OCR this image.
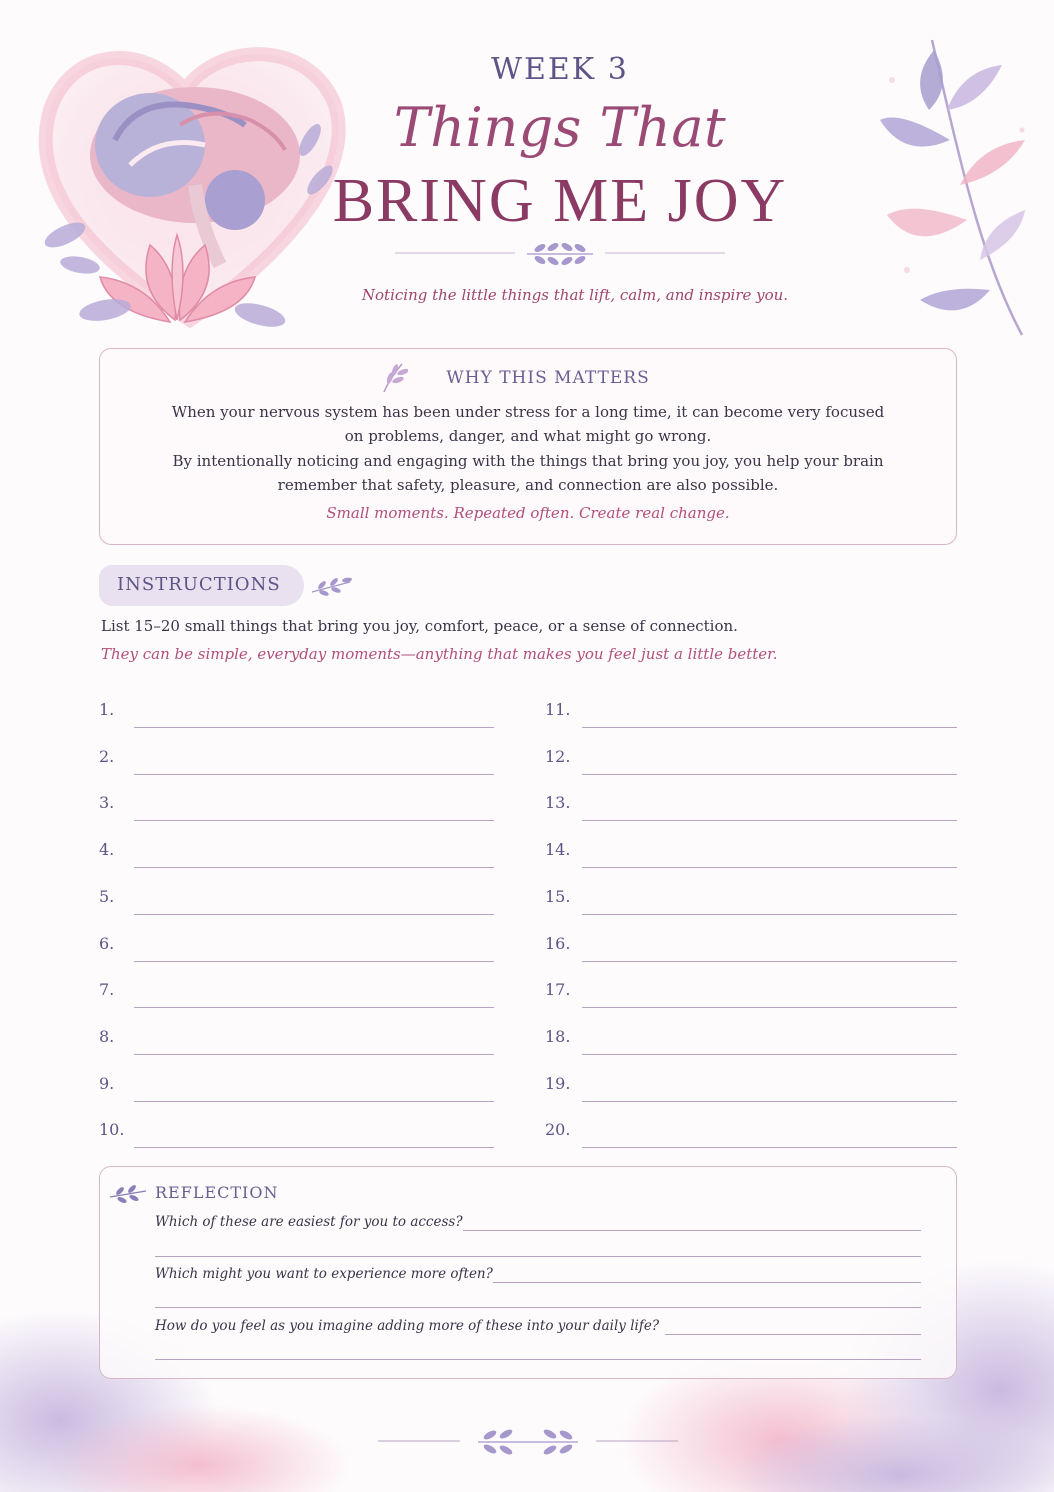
WEEK 3
Things That
BRING ME JOY
Noticing the little things that lift, calm, and inspire you.
WHY THIS MATTERS
When your nervous system has been under stress for a long time, it can become very focused
on problems, danger, and what might go wrong.
By intentionally noticing and engaging with the things that bring you joy, you help your brain
remember that safety, pleasure, and connection are also possible.
Small moments. Repeated often. Create real change.
INSTRUCTIONS
List 15–20 small things that bring you joy, comfort, peace, or a sense of connection.
They can be simple, everyday moments—anything that makes you feel just a little better.
1.
2.
3.
4.
5.
6.
7.
8.
9.
10.
11.
12.
13.
14.
15.
16.
17.
18.
19.
20.
REFLECTION
Which of these are easiest for you to access?
Which might you want to experience more often?
How do you feel as you imagine adding more of these into your daily life?
